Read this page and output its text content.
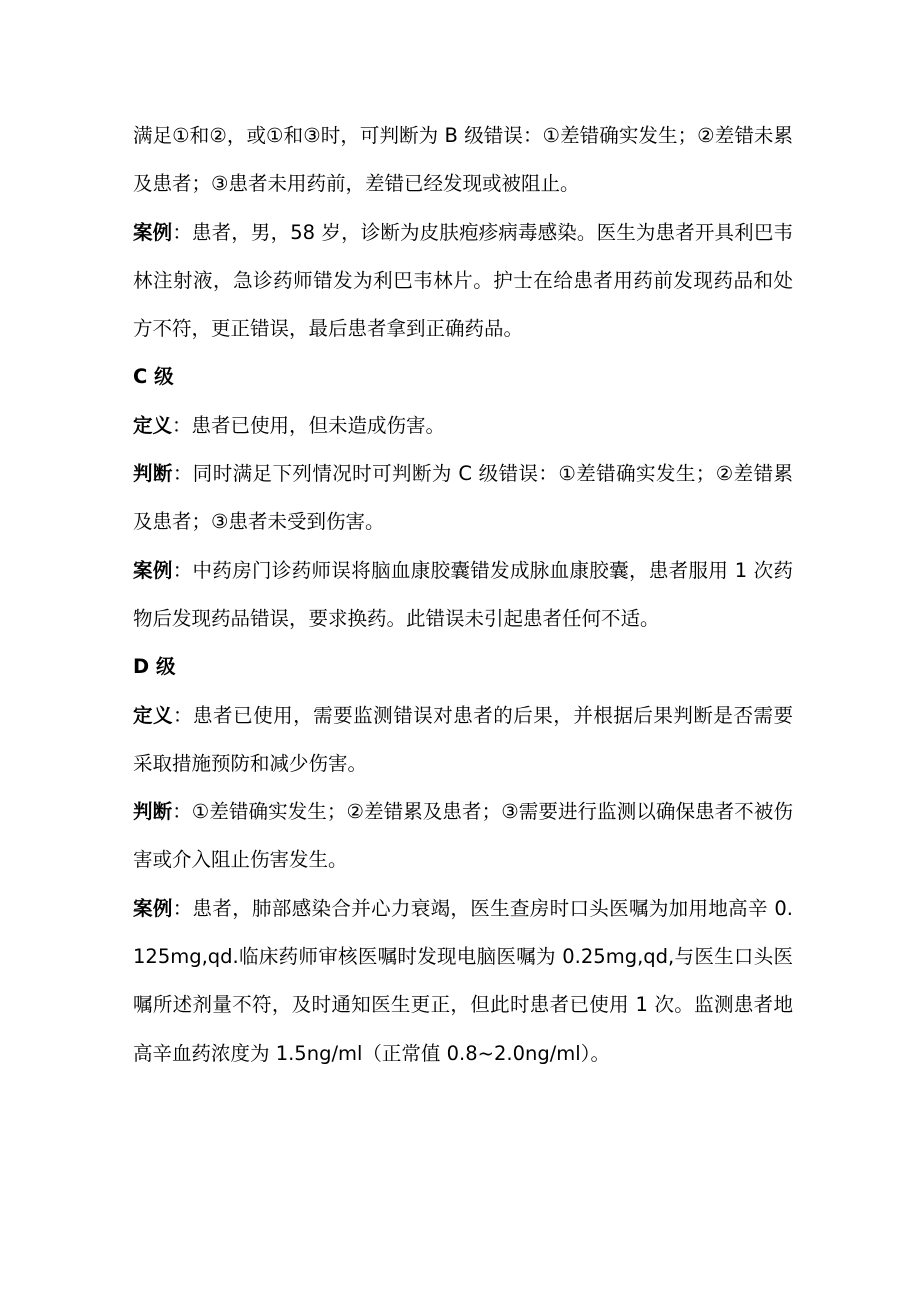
满足①和②，或①和③时，可判断为 B 级错误：①差错确实发生；②差错未累及患者；③患者未用药前，差错已经发现或被阻止。

案例：患者，男，58 岁，诊断为皮肤疱疹病毒感染。医生为患者开具利巴韦林注射液，急诊药师错发为利巴韦林片。护士在给患者用药前发现药品和处方不符，更正错误，最后患者拿到正确药品。

C 级

定义：患者已使用，但未造成伤害。

判断：同时满足下列情况时可判断为 C 级错误：①差错确实发生；②差错累及患者；③患者未受到伤害。

案例：中药房门诊药师误将脑血康胶囊错发成脉血康胶囊，患者服用 1 次药物后发现药品错误，要求换药。此错误未引起患者任何不适。

D 级

定义：患者已使用，需要监测错误对患者的后果，并根据后果判断是否需要采取措施预防和减少伤害。

判断：①差错确实发生；②差错累及患者；③需要进行监测以确保患者不被伤害或介入阻止伤害发生。

案例：患者，肺部感染合并心力衰竭，医生查房时口头医嘱为加用地高辛 0.125mg,qd.临床药师审核医嘱时发现电脑医嘱为 0.25mg,qd,与医生口头医嘱所述剂量不符，及时通知医生更正，但此时患者已使用 1 次。监测患者地高辛血药浓度为 1.5ng/ml（正常值 0.8~2.0ng/ml）。
